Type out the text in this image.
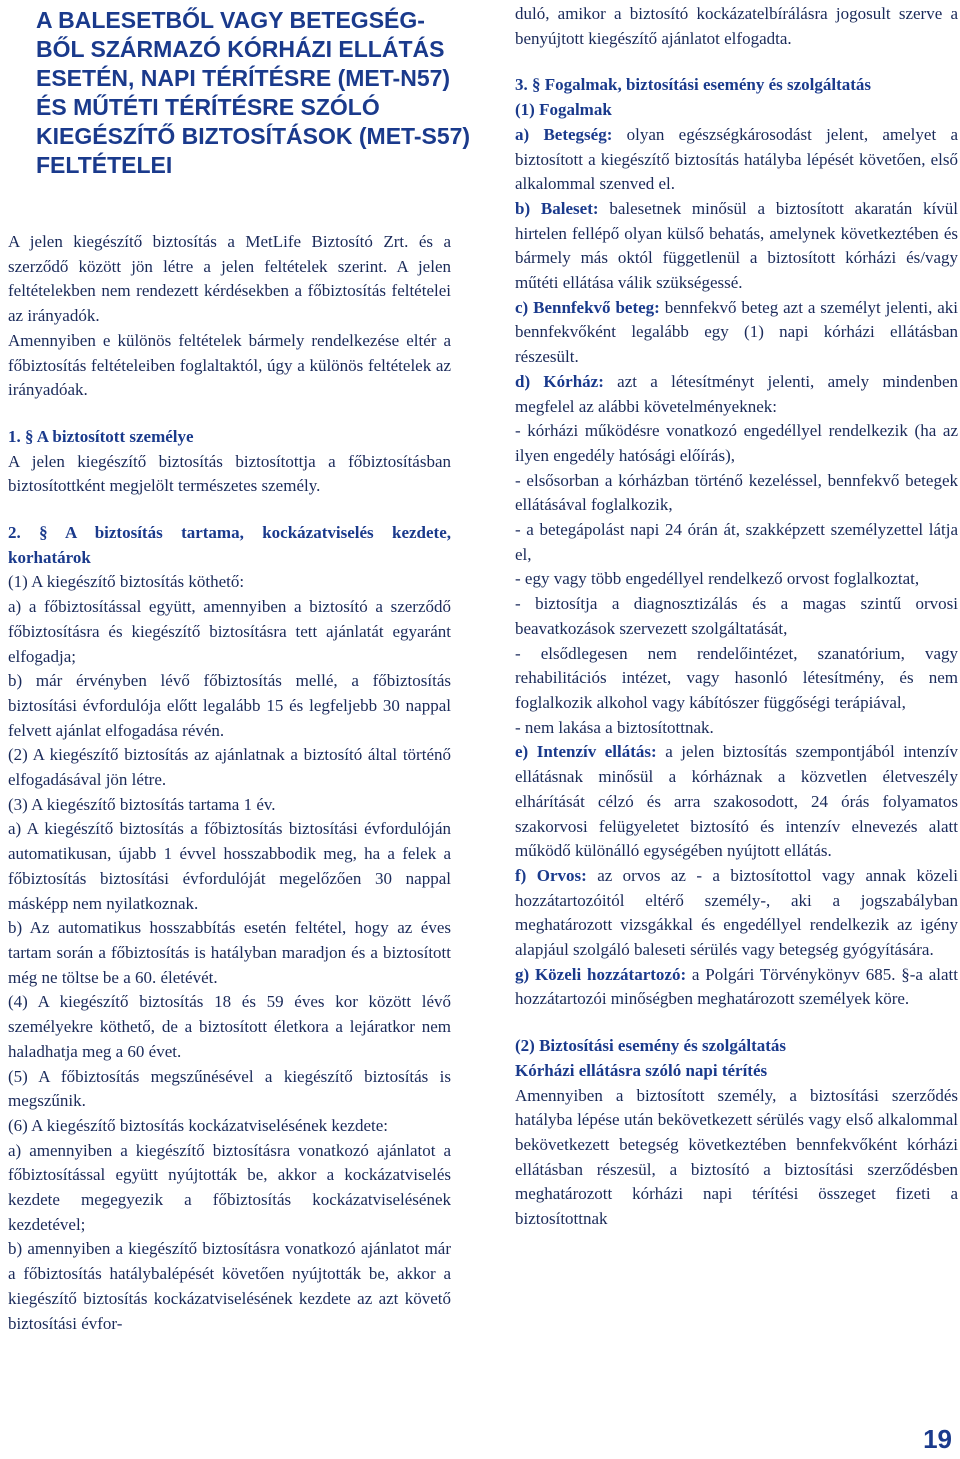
A BALESETBŐL VAGY BETEGSÉG-
BŐL SZÁRMAZÓ KÓRHÁZI ELLÁTÁS
ESETÉN, NAPI TÉRÍTÉSRE (MET-N57)
ÉS MŰTÉTI TÉRÍTÉSRE SZÓLÓ
KIEGÉSZÍTŐ BIZTOSÍTÁSOK (MET-S57)
FELTÉTELEI

A jelen kiegészítő biztosítás a MetLife Biztosító Zrt. és a szerződő között jön létre a jelen feltételek szerint. A jelen feltételekben nem rendezett kérdésekben a főbiztosítás feltételei az irányadók.

Amennyiben e különös feltételek bármely rendelkezése eltér a főbiztosítás feltételeiben foglaltaktól, úgy a különös feltételek az irányadóak.

1. § A biztosított személye

A jelen kiegészítő biztosítás biztosítottja a főbiztosításban biztosítottként megjelölt természetes személy.

2. § A biztosítás tartama, kockázatviselés kezdete, korhatárok

(1) A kiegészítő biztosítás köthető:

a) a főbiztosítással együtt, amennyiben a biztosító a szerződő főbiztosításra és kiegészítő biztosításra tett ajánlatát egyaránt elfogadja;

b) már érvényben lévő főbiztosítás mellé, a főbiztosítás biztosítási évfordulója előtt legalább 15 és legfeljebb 30 nappal felvett ajánlat elfogadása révén.

(2) A kiegészítő biztosítás az ajánlatnak a biztosító által történő elfogadásával jön létre.

(3) A kiegészítő biztosítás tartama 1 év.

a) A kiegészítő biztosítás a főbiztosítás biztosítási évfordulóján automatikusan, újabb 1 évvel hosszabbodik meg, ha a felek a főbiztosítás biztosítási évfordulóját megelőzően 30 nappal másképp nem nyilatkoznak.

b) Az automatikus hosszabbítás esetén feltétel, hogy az éves tartam során a főbiztosítás is hatályban maradjon és a biztosított még ne töltse be a 60. életévét.

(4) A kiegészítő biztosítás 18 és 59 éves kor között lévő személyekre köthető, de a biztosított életkora a lejáratkor nem haladhatja meg a 60 évet.

(5) A főbiztosítás megszűnésével a kiegészítő biztosítás is megszűnik.

(6) A kiegészítő biztosítás kockázatviselésének kezdete:

a) amennyiben a kiegészítő biztosításra vonatkozó ajánlatot a főbiztosítással együtt nyújtották be, akkor a kockázatviselés kezdete megegyezik a főbiztosítás kockázatviselésének kezdetével;

b) amennyiben a kiegészítő biztosításra vonatkozó ajánlatot már a főbiztosítás hatálybalépését követően nyújtották be, akkor a kiegészítő biztosítás kockázatviselésének kezdete az azt követő biztosítási évfor-

duló, amikor a biztosító kockázatelbírálásra jogosult szerve a benyújtott kiegészítő ajánlatot elfogadta.

3. § Fogalmak, biztosítási esemény és szolgáltatás

(1) Fogalmak

a) Betegség: olyan egészségkárosodást jelent, amelyet a biztosított a kiegészítő biztosítás hatályba lépését követően, első alkalommal szenved el.

b) Baleset: balesetnek minősül a biztosított akaratán kívül hirtelen fellépő olyan külső behatás, amelynek következtében és bármely más októl függetlenül a biztosított kórházi és/vagy műtéti ellátása válik szükségessé.

c) Bennfekvő beteg: bennfekvő beteg azt a személyt jelenti, aki bennfekvőként legalább egy (1) napi kórházi ellátásban részesült.

d) Kórház: azt a létesítményt jelenti, amely mindenben megfelel az alábbi követelményeknek:

- kórházi működésre vonatkozó engedéllyel rendelkezik (ha az ilyen engedély hatósági előírás),

- elsősorban a kórházban történő kezeléssel, bennfekvő betegek ellátásával foglalkozik,

- a betegápolást napi 24 órán át, szakképzett személyzettel látja el,

- egy vagy több engedéllyel rendelkező orvost foglalkoztat,

- biztosítja a diagnosztizálás és a magas szintű orvosi beavatkozások szervezett szolgáltatását,

- elsődlegesen nem rendelőintézet, szanatórium, vagy rehabilitációs intézet, vagy hasonló létesítmény, és nem foglalkozik alkohol vagy kábítószer függőségi terápiával,

- nem lakása a biztosítottnak.

e) Intenzív ellátás: a jelen biztosítás szempontjából intenzív ellátásnak minősül a kórháznak a közvetlen életveszély elhárítását célzó és arra szakosodott, 24 órás folyamatos szakorvosi felügyeletet biztosító és intenzív elnevezés alatt működő különálló egységében nyújtott ellátás.

f) Orvos: az orvos az - a biztosítottol vagy annak közeli hozzátartozóitól eltérő személy-, aki a jogszabályban meghatározott vizsgákkal és engedéllyel rendelkezik az igény alapjául szolgáló baleseti sérülés vagy betegség gyógyítására.

g) Közeli hozzátartozó: a Polgári Törvénykönyv 685. §-a alatt hozzátartozói minőségben meghatározott személyek köre.

(2) Biztosítási esemény és szolgáltatás

Kórházi ellátásra szóló napi térítés

Amennyiben a biztosított személy, a biztosítási szerződés hatályba lépése után bekövetkezett sérülés vagy első alkalommal bekövetkezett betegség következtében bennfekvőként kórházi ellátásban részesül, a biztosító a biztosítási szerződésben meghatározott kórházi napi térítési összeget fizeti a biztosítottnak

19
